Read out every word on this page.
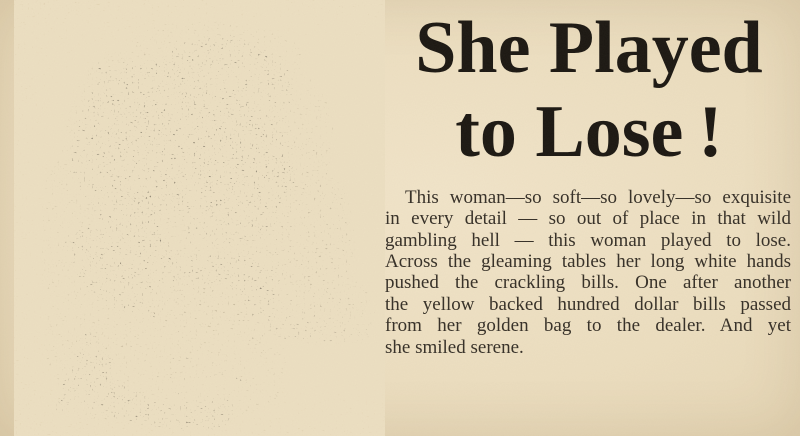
She Played
to Lose !
This woman—so soft—so lovely—so exquisite
in every detail — so out of place in that wild
gambling hell — this woman played to lose.
Across the gleaming tables her long white hands
pushed the crackling bills. One after another
the yellow backed hundred dollar bills passed
from her golden bag to the dealer. And yet
she smiled serene.
